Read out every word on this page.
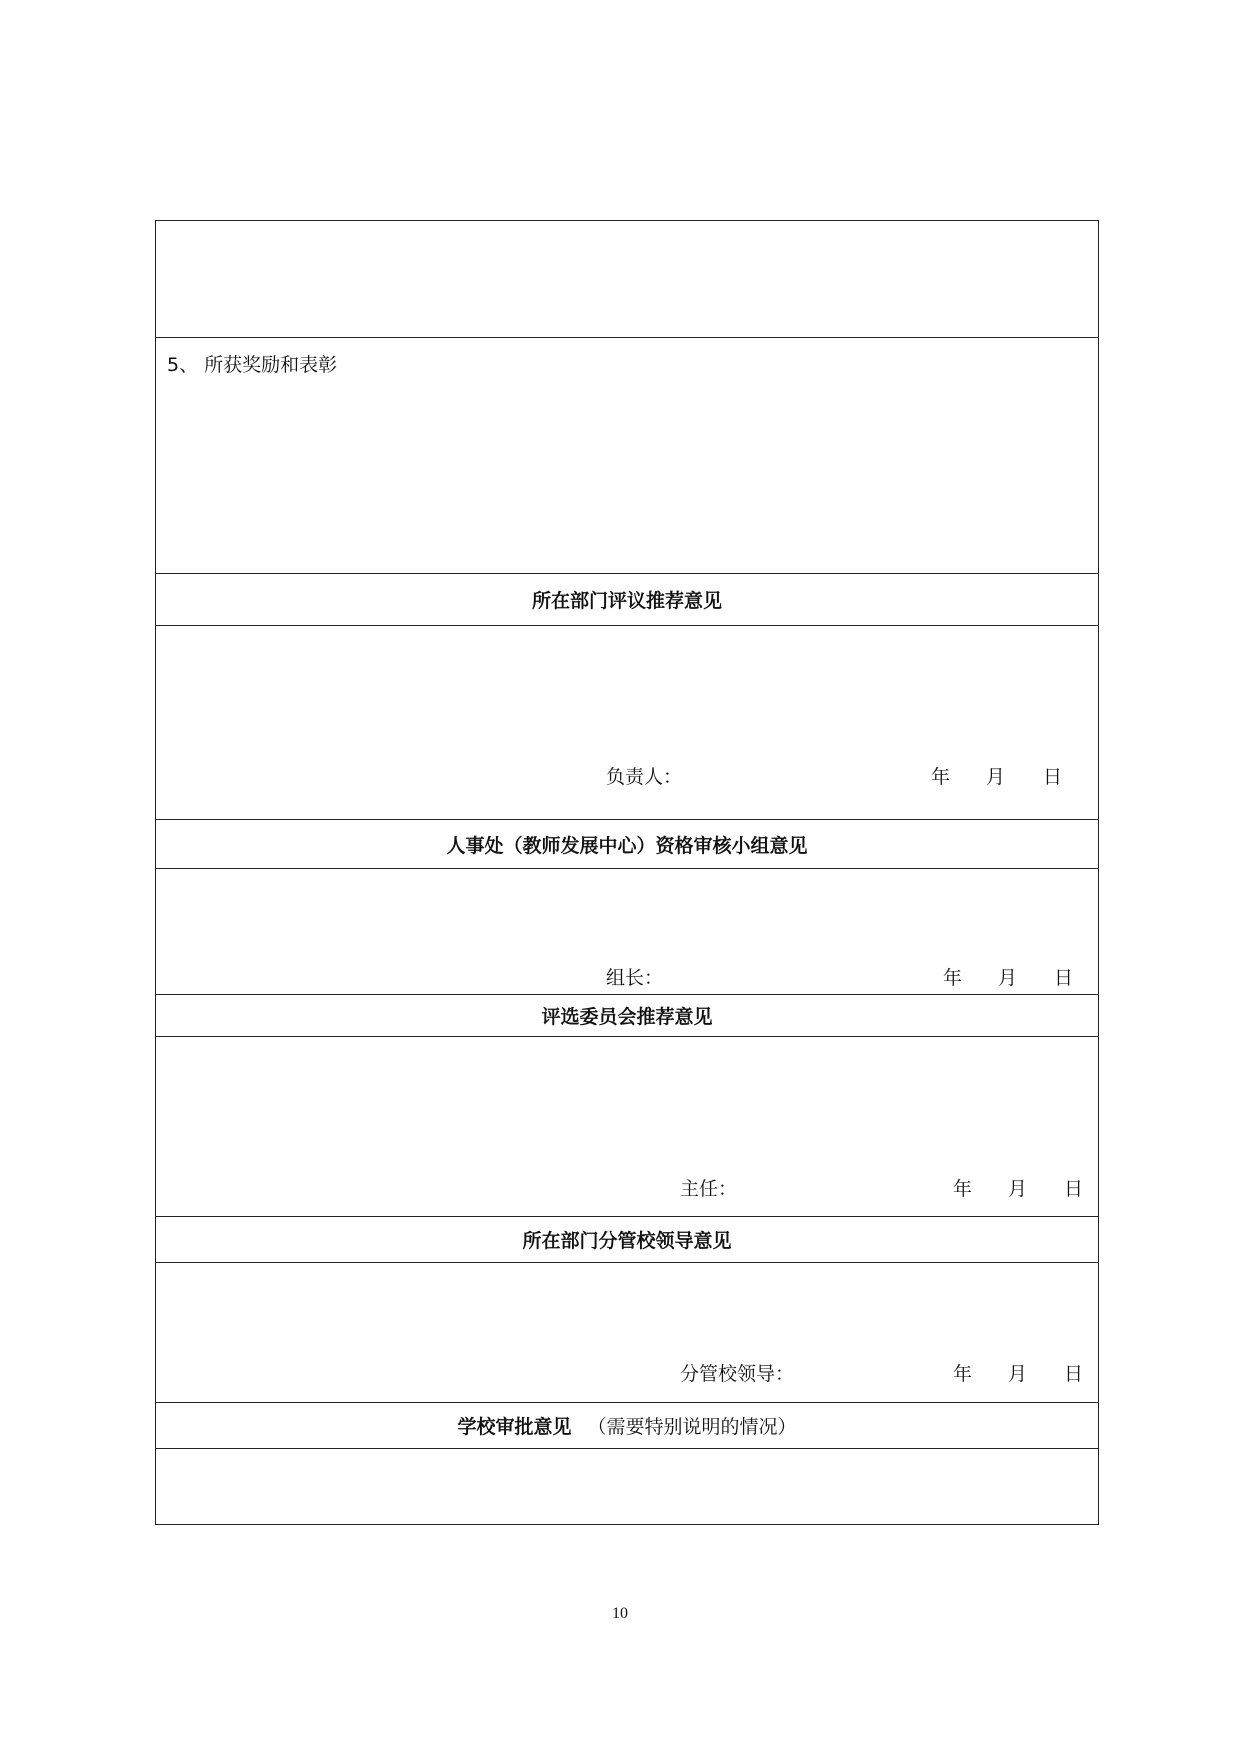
5、 所获奖励和表彰
所在部门评议推荐意见
负责人：	年 月 日
人事处（教师发展中心）资格审核小组意见
组长：	年 月 日
评选委员会推荐意见
主任：	年 月 日
所在部门分管校领导意见
分管校领导：	年 月 日
学校审批意见 （需要特别说明的情况）
10
